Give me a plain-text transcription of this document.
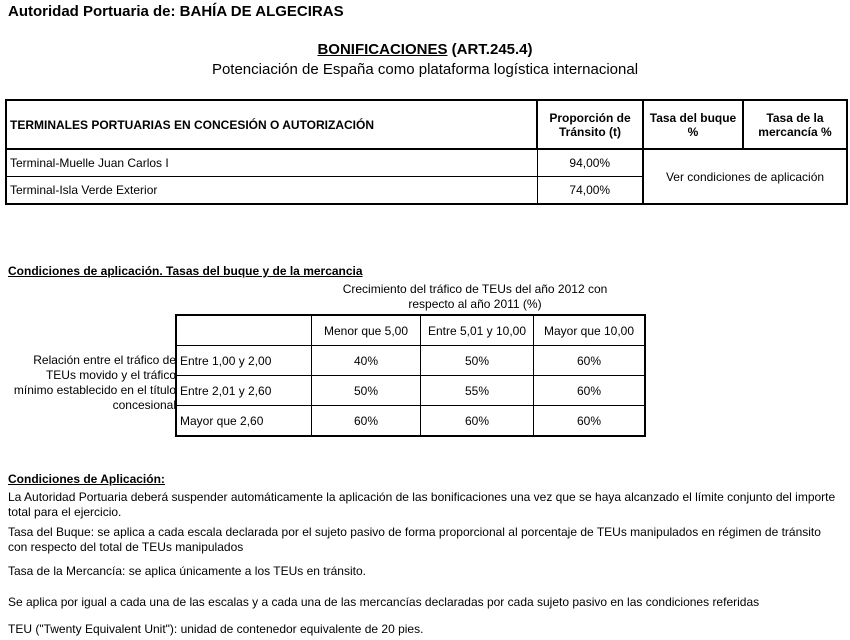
Autoridad Portuaria de: BAHÍA DE ALGECIRAS
BONIFICACIONES (ART.245.4)
Potenciación de España como plataforma logística internacional
TERMINALES PORTUARIAS EN CONCESIÓN O AUTORIZACIÓN	Proporción de Tránsito (t)	Tasa del buque %	Tasa de la mercancía %
Terminal-Muelle Juan Carlos I	94,00%	Ver condiciones de aplicación	
Terminal-Isla Verde Exterior	74,00%		
Condiciones de aplicación. Tasas del buque y de la mercancia
Crecimiento del tráfico de TEUs del año 2012 con respecto al año 2011 (%)
Relación entre el tráfico de TEUs movido y el tráfico mínimo establecido en el título concesional
	Menor que 5,00	Entre 5,01 y 10,00	Mayor que 10,00
Entre 1,00 y 2,00	40%	50%	60%
Entre 2,01 y 2,60	50%	55%	60%
Mayor que 2,60	60%	60%	60%
Condiciones de Aplicación:
La Autoridad Portuaria deberá suspender automáticamente la aplicación de las bonificaciones una vez que se haya alcanzado el límite conjunto del importe total para el ejercicio.
Tasa del Buque: se aplica a cada escala declarada por el sujeto pasivo de forma proporcional al porcentaje de TEUs manipulados en régimen de tránsito con respecto del total de TEUs manipulados
Tasa de la Mercancía: se aplica únicamente a los TEUs en tránsito.
Se aplica por igual a cada una de las escalas y a cada una de las mercancías declaradas por cada sujeto pasivo en las condiciones referidas
TEU ("Twenty Equivalent Unit"): unidad de contenedor equivalente de 20 pies.
